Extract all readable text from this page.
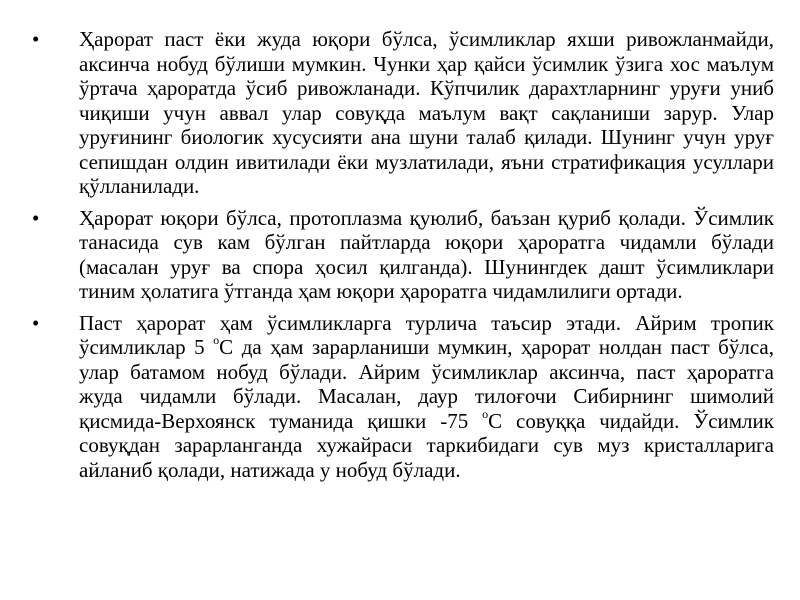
• Ҳарорат паст ёки жуда юқори бўлса, ўсимликлар яхши ривожланмайди, аксинча нобуд бўлиши мумкин. Чунки ҳар қайси ўсимлик ўзига хос маълум ўртача ҳароратда ўсиб ривожланади. Кўпчилик дарахтларнинг уруғи униб чиқиши учун аввал улар совуқда маълум вақт сақланиши зарур. Улар уруғининг биологик хусусияти ана шуни талаб қилади. Шунинг учун уруғ сепишдан олдин ивитилади ёки музлатилади, яъни стратификация усуллари қўлланилади.
• Ҳарорат юқори бўлса, протоплазма қуюлиб, баъзан қуриб қолади. Ўсимлик танасида сув кам бўлган пайтларда юқори ҳароратга чидамли бўлади (масалан уруғ ва спора ҳосил қилганда). Шунингдек дашт ўсимликлари тиним ҳолатига ўтганда ҳам юқори ҳароратга чидамлилиги ортади.
• Паст ҳарорат ҳам ўсимликларга турлича таъсир этади. Айрим тропик ўсимликлар 5 $^о$С да ҳам зарарланиши мумкин, ҳарорат нолдан паст бўлса, улар батамом нобуд бўлади. Айрим ўсимликлар аксинча, паст ҳароратга жуда чидамли бўлади. Масалан, даур тилоғочи Сибирнинг шимолий қисмида-Верхоянск туманида қишки -75 $^о$С совуққа чидайди. Ўсимлик совуқдан зарарланганда хужайраси таркибидаги сув муз кристалларига айланиб қолади, натижада у нобуд бўлади.
